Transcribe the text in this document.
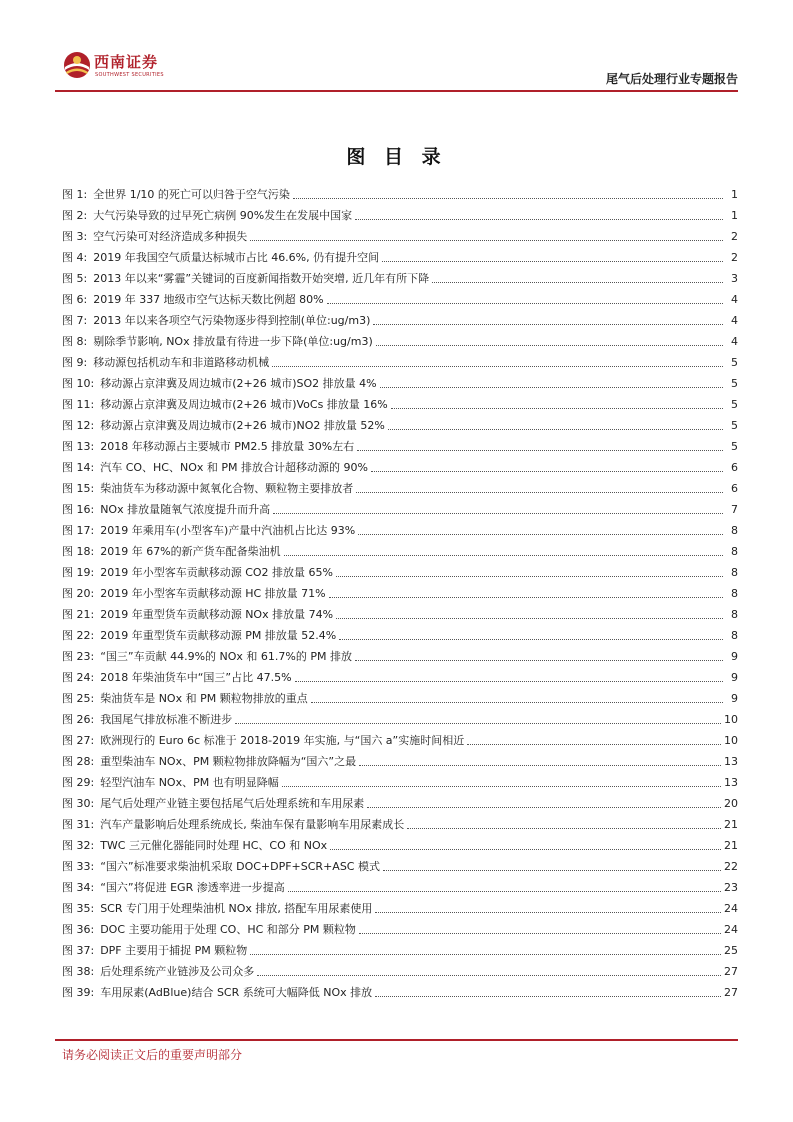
西南证券
SOUTHWEST SECURITIES	尾气后处理行业专题报告
图 目 录
图 1: 全世界 1/10 的死亡可以归咎于空气污染	1
图 2: 大气污染导致的过早死亡病例 90%发生在发展中国家	1
图 3: 空气污染可对经济造成多种损失	2
图 4: 2019 年我国空气质量达标城市占比 46.6%, 仍有提升空间	2
图 5: 2013 年以来“雾霾”关键词的百度新闻指数开始突增, 近几年有所下降	3
图 6: 2019 年 337 地级市空气达标天数比例超 80%	4
图 7: 2013 年以来各项空气污染物逐步得到控制(单位:ug/m3)	4
图 8: 剔除季节影响, NOx 排放量有待进一步下降(单位:ug/m3)	4
图 9: 移动源包括机动车和非道路移动机械	5
图 10: 移动源占京津冀及周边城市(2+26 城市)SO2 排放量 4%	5
图 11: 移动源占京津冀及周边城市(2+26 城市)VoCs 排放量 16%	5
图 12: 移动源占京津冀及周边城市(2+26 城市)NO2 排放量 52%	5
图 13: 2018 年移动源占主要城市 PM2.5 排放量 30%左右	5
图 14: 汽车 CO、HC、NOx 和 PM 排放合计超移动源的 90%	6
图 15: 柴油货车为移动源中氮氧化合物、颗粒物主要排放者	6
图 16: NOx 排放量随氧气浓度提升而升高	7
图 17: 2019 年乘用车(小型客车)产量中汽油机占比达 93%	8
图 18: 2019 年 67%的新产货车配备柴油机	8
图 19: 2019 年小型客车贡献移动源 CO2 排放量 65%	8
图 20: 2019 年小型客车贡献移动源 HC 排放量 71%	8
图 21: 2019 年重型货车贡献移动源 NOx 排放量 74%	8
图 22: 2019 年重型货车贡献移动源 PM 排放量 52.4%	8
图 23: “国三”车贡献 44.9%的 NOx 和 61.7%的 PM 排放	9
图 24: 2018 年柴油货车中“国三”占比 47.5%	9
图 25: 柴油货车是 NOx 和 PM 颗粒物排放的重点	9
图 26: 我国尾气排放标准不断进步	10
图 27: 欧洲现行的 Euro 6c 标准于 2018-2019 年实施, 与“国六 a”实施时间相近	10
图 28: 重型柴油车 NOx、PM 颗粒物排放降幅为“国六”之最	13
图 29: 轻型汽油车 NOx、PM 也有明显降幅	13
图 30: 尾气后处理产业链主要包括尾气后处理系统和车用尿素	20
图 31: 汽车产量影响后处理系统成长, 柴油车保有量影响车用尿素成长	21
图 32: TWC 三元催化器能同时处理 HC、CO 和 NOx	21
图 33: “国六”标准要求柴油机采取 DOC+DPF+SCR+ASC 模式	22
图 34: “国六”将促进 EGR 渗透率进一步提高	23
图 35: SCR 专门用于处理柴油机 NOx 排放, 搭配车用尿素使用	24
图 36: DOC 主要功能用于处理 CO、HC 和部分 PM 颗粒物	24
图 37: DPF 主要用于捕捉 PM 颗粒物	25
图 38: 后处理系统产业链涉及公司众多	27
图 39: 车用尿素(AdBlue)结合 SCR 系统可大幅降低 NOx 排放	27
请务必阅读正文后的重要声明部分
